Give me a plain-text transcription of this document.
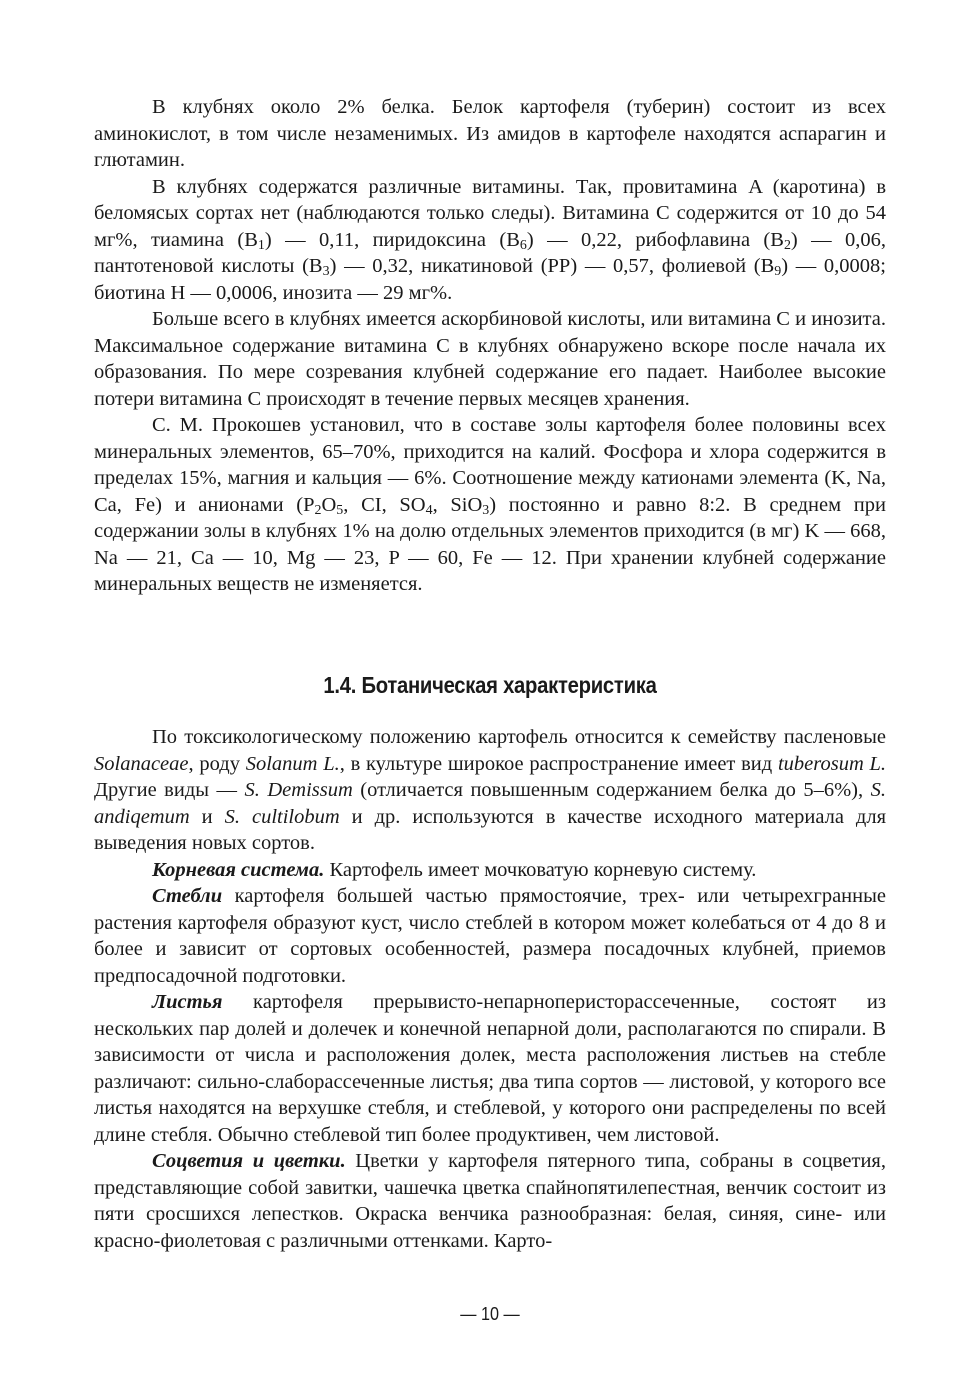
В клубнях около 2% белка. Белок картофеля (туберин) состоит из всех аминокислот, в том числе незаменимых. Из амидов в картофеле находятся аспарагин и глютамин.

В клубнях содержатся различные витамины. Так, провитамина A (каротина) в беломясых сортах нет (наблюдаются только следы). Витамина C содержится от 10 до 54 мг%, тиамина $(B_1)$ — 0,11, пиридоксина $(B_6)$ — 0,22, рибофлавина $(B_2)$ — 0,06, пантотеновой кислоты $(B_3)$ — 0,32, никатиновой (PP) — 0,57, фолиевой $(B_9)$ — 0,0008; биотина H — 0,0006, инозита — 29 мг%.

Больше всего в клубнях имеется аскорбиновой кислоты, или витамина C и инозита. Максимальное содержание витамина C в клубнях обнаружено вскоре после начала их образования. По мере созревания клубней содержание его падает. Наиболее высокие потери витамина C происходят в течение первых месяцев хранения.

С. М. Прокошев установил, что в составе золы картофеля более половины всех минеральных элементов, 65–70%, приходится на калий. Фосфора и хлора содержится в пределах 15%, магния и кальция — 6%. Соотношение между катионами элемента (K, Na, Ca, Fe) и анионами ($P_2O_5$, CI, $SO_4$, SiO$_3$) постоянно и равно 8:2. В среднем при содержании золы в клубнях 1% на долю отдельных элементов приходится (в мг) K — 668, Na — 21, Ca — 10, Mg — 23, P — 60, Fe — 12. При хранении клубней содержание минеральных веществ не изменяется.

1.4. Ботаническая характеристика

По токсикологическому положению картофель относится к семейству пасленовые Solanaceae, роду Solanum L., в культуре широкое распространение имеет вид tuberosum L. Другие виды — S. Demissum (отличается повышенным содержанием белка до 5–6%), S. andiqemum и S. cultilobum и др. используются в качестве исходного материала для выведения новых сортов.

Корневая система. Картофель имеет мочковатую корневую систему.

Стебли картофеля большей частью прямостоячие, трех- или четырехгранные растения картофеля образуют куст, число стеблей в котором может колебаться от 4 до 8 и более и зависит от сортовых особенностей, размера посадочных клубней, приемов предпосадочной подготовки.

Листья картофеля прерывисто-непарноперисторассеченные, состоят из нескольких пар долей и долечек и конечной непарной доли, располагаются по спирали. В зависимости от числа и расположения долек, места расположения листьев на стебле различают: сильно-слаборассеченные листья; два типа сортов — листовой, у которого все листья находятся на верхушке стебля, и стеблевой, у которого они распределены по всей длине стебля. Обычно стеблевой тип более продуктивен, чем листовой.

Соцветия и цветки. Цветки у картофеля пятерного типа, собраны в соцветия, представляющие собой завитки, чашечка цветка спайнопятилепестная, венчик состоит из пяти сросшихся лепестков. Окраска венчика разнообразная: белая, синяя, сине- или красно-фиолетовая с различными оттенками. Карто-

— 10 —
